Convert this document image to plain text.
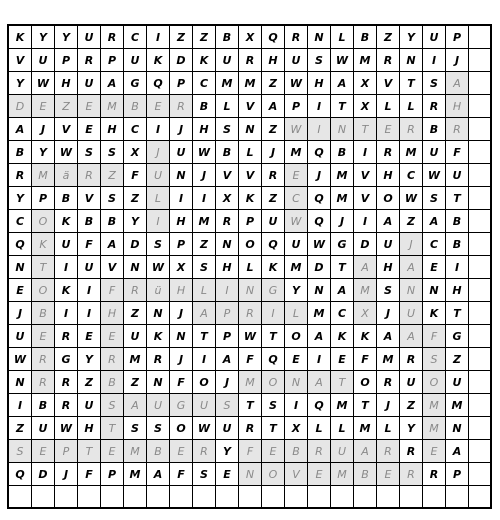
K	Y	Y	U	R	C	I	Z	Z	B	X	Q	R	N	L	B	Z	Y	U	P
V	U	P	R	P	U	K	D	K	U	R	H	U	S	W	M	R	N	I	J
Y	W	H	U	A	G	Q	P	C	M	M	Z	W	H	A	X	V	T	S	A
D	E	Z	E	M	B	E	R	B	L	V	A	P	I	T	X	L	L	R	H
A	J	V	E	H	C	I	J	H	S	N	Z	W	I	N	T	E	R	B	R
B	Y	W	S	S	X	J	U	W	B	L	J	M	Q	B	I	R	M	U	F
R	M	ä	R	Z	F	U	N	J	V	V	R	E	J	M	V	H	C	W	U
Y	P	B	V	S	Z	L	I	I	X	K	Z	C	Q	M	V	O	W	S	T
C	O	K	B	B	Y	I	H	M	R	P	U	W	Q	J	I	A	Z	A	B
Q	K	U	F	A	D	S	P	Z	N	O	Q	U	W	G	D	U	J	C	B
N	T	I	U	V	N	W	X	S	H	L	K	M	D	T	A	H	A	E	I
E	O	K	I	F	R	ü	H	L	I	N	G	Y	N	A	M	S	N	N	H
J	B	I	I	H	Z	N	J	A	P	R	I	L	M	C	X	J	U	K	T
U	E	R	E	E	U	K	N	T	P	W	T	O	A	K	K	A	A	F	G
W	R	G	Y	R	M	R	J	I	A	F	Q	E	I	E	F	M	R	S	Z
N	R	R	Z	B	Z	N	F	O	J	M	O	N	A	T	O	R	U	O	U
I	B	R	U	S	A	U	G	U	S	T	S	I	Q	M	T	J	Z	M	M
Z	U	W	H	T	S	S	O	W	U	R	T	X	L	L	M	L	Y	M	N
S	E	P	T	E	M	B	E	R	Y	F	E	B	R	U	A	R	R	E	A
Q	D	J	F	P	M	A	F	S	E	N	O	V	E	M	B	E	R	R	P
